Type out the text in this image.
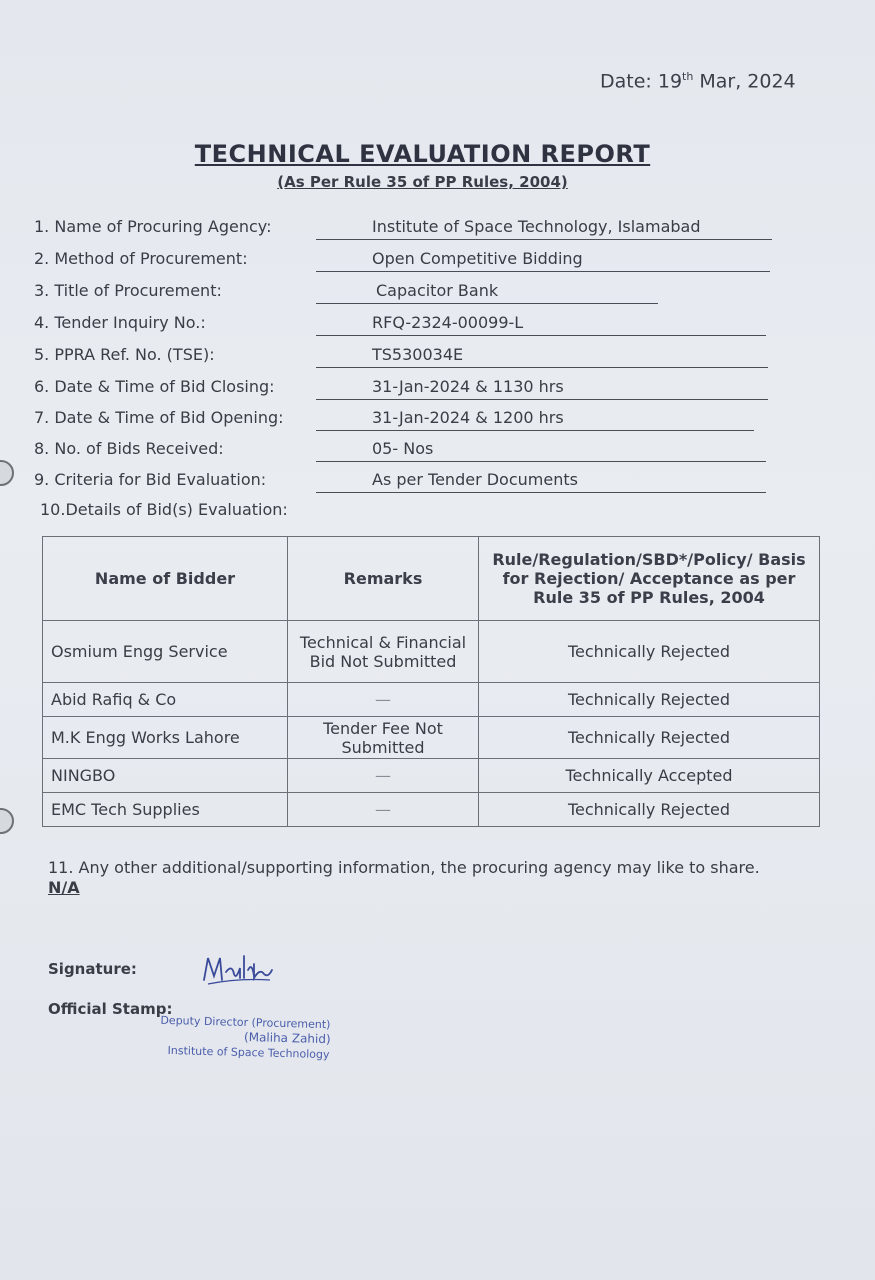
Date: 19th Mar, 2024
TECHNICAL EVALUATION REPORT
(As Per Rule 35 of PP Rules, 2004)
1. Name of Procuring Agency:	Institute of Space Technology, Islamabad
2. Method of Procurement:	Open Competitive Bidding
3. Title of Procurement:	Capacitor Bank
4. Tender Inquiry No.:	RFQ-2324-00099-L
5. PPRA Ref. No. (TSE):	TS530034E
6. Date & Time of Bid Closing:	31-Jan-2024 & 1130 hrs
7. Date & Time of Bid Opening:	31-Jan-2024 & 1200 hrs
8. No. of Bids Received:	05- Nos
9. Criteria for Bid Evaluation:	As per Tender Documents
10.Details of Bid(s) Evaluation:
Name of Bidder	Remarks	Rule/Regulation/SBD*/Policy/ Basis for Rejection/ Acceptance as per Rule 35 of PP Rules, 2004
Osmium Engg Service	Technical & Financial Bid Not Submitted	Technically Rejected
Abid Rafiq & Co	—	Technically Rejected
M.K Engg Works Lahore	Tender Fee Not Submitted	Technically Rejected
NINGBO	—	Technically Accepted
EMC Tech Supplies	—	Technically Rejected
11. Any other additional/supporting information, the procuring agency may like to share. N/A
Signature:
Official Stamp:
Deputy Director (Procurement)
(Maliha Zahid)
Institute of Space Technology
